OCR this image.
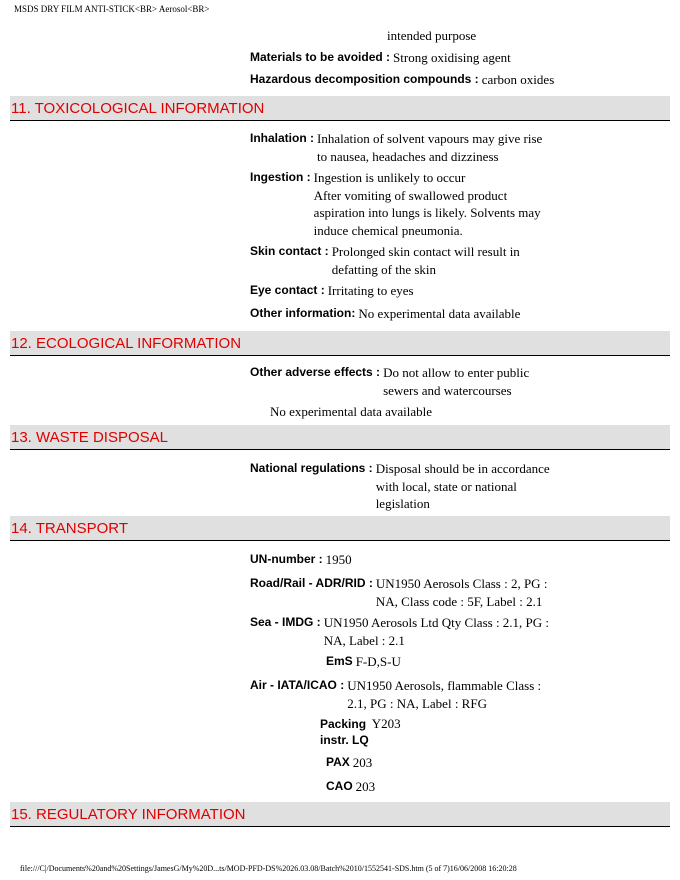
MSDS DRY FILM ANTI-STICK<BR> Aerosol<BR>
intended purpose
Materials to be avoided : Strong oxidising agent
Hazardous decomposition compounds : carbon oxides
11. TOXICOLOGICAL INFORMATION
Inhalation : Inhalation of solvent vapours may give rise
to nausea, headaches and dizziness
Ingestion : Ingestion is unlikely to occur
After vomiting of swallowed product
aspiration into lungs is likely. Solvents may
induce chemical pneumonia.
Skin contact : Prolonged skin contact will result in
defatting of the skin
Eye contact : Irritating to eyes
Other information: No experimental data available
12. ECOLOGICAL INFORMATION
Other adverse effects : Do not allow to enter public
sewers and watercourses
No experimental data available
13. WASTE DISPOSAL
National regulations : Disposal should be in accordance
with local, state or national
legislation
14. TRANSPORT
UN-number : 1950
Road/Rail - ADR/RID : UN1950 Aerosols Class : 2, PG :
NA, Class code : 5F, Label : 2.1
Sea - IMDG : UN1950 Aerosols Ltd Qty Class : 2.1, PG :
NA, Label : 2.1
EmS F-D,S-U
Air - IATA/ICAO : UN1950 Aerosols, flammable Class :
2.1, PG : NA, Label : RFG
Packing
instr. LQ
Y203
PAX 203
CAO 203
15. REGULATORY INFORMATION
file:///C|/Documents%20and%20Settings/JamesG/My%20D...ts/MOD-PFD-DS%2026.03.08/Batch%2010/1552541-SDS.htm (5 of 7)16/06/2008 16:20:28
